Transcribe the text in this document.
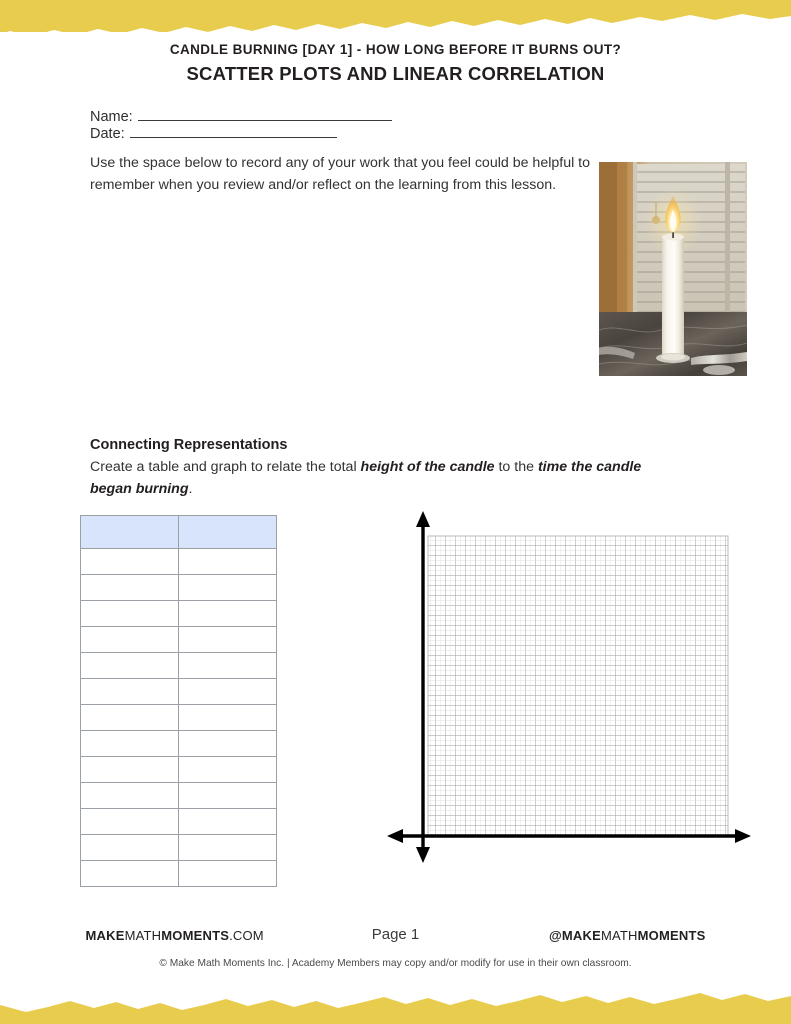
CANDLE BURNING [DAY 1] - HOW LONG BEFORE IT BURNS OUT?
SCATTER PLOTS AND LINEAR CORRELATION
Name:  Date:
Use the space below to record any of your work that you feel could be helpful to remember when you review and/or reflect on the learning from this lesson.
Connecting Representations
Create a table and graph to relate the total height of the candle to the time the candle began burning.

MAKEMATHMOMENTS.COM	Page 1	@MAKEMATHMOMENTS
© Make Math Moments Inc. | Academy Members may copy and/or modify for use in their own classroom.
